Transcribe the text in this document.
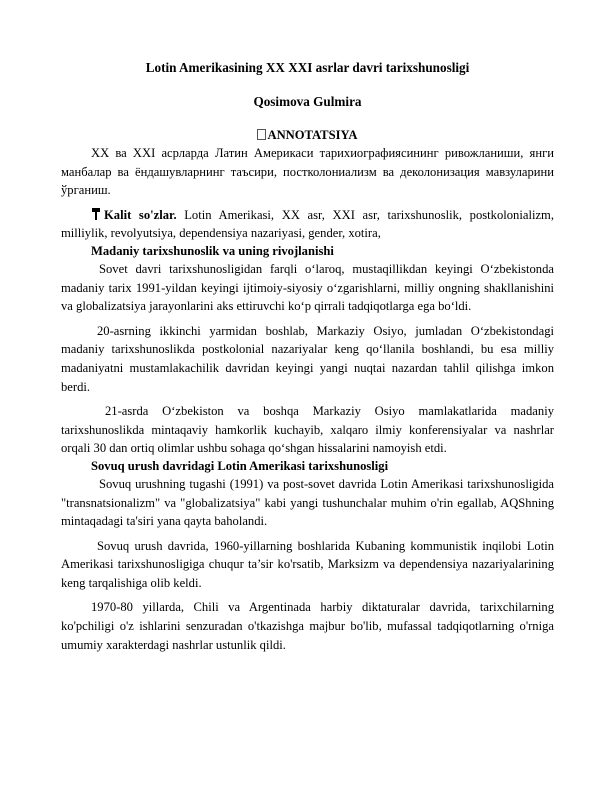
Lotin Amerikasining XX XXI asrlar davri tarixshunosligi

Qosimova Gulmira

ANNOTATSIYA

XX ва XXI асрларда Латин Америкаси тарихиографиясининг ривожланиши, янги манбалар ва ёндашувларнинг таъсири, постколониализм ва деколонизация мавзуларини ўрганиш.

Kalit so'zlar. Lotin Amerikasi, XX asr, XXI asr, tarixshunoslik, postkolonializm, milliylik, revolyutsiya, dependensiya nazariyasi, gender, xotira,

Madaniy tarixshunoslik va uning rivojlanishi

Sovet davri tarixshunosligidan farqli o‘laroq, mustaqillikdan keyingi O‘zbekistonda madaniy tarix 1991-yildan keyingi ijtimoiy-siyosiy o‘zgarishlarni, milliy ongning shakllanishini va globalizatsiya jarayonlarini aks ettiruvchi ko‘p qirrali tadqiqotlarga ega bo‘ldi.

20-asrning ikkinchi yarmidan boshlab, Markaziy Osiyo, jumladan O‘zbekistondagi madaniy tarixshunoslikda postkolonial nazariyalar keng qo‘llanila boshlandi, bu esa milliy madaniyatni mustamlakachilik davridan keyingi yangi nuqtai nazardan tahlil qilishga imkon berdi.

21-asrda O‘zbekiston va boshqa Markaziy Osiyo mamlakatlarida madaniy tarixshunoslikda mintaqaviy hamkorlik kuchayib, xalqaro ilmiy konferensiyalar va nashrlar orqali 30 dan ortiq olimlar ushbu sohaga qo‘shgan hissalarini namoyish etdi.

Sovuq urush davridagi Lotin Amerikasi tarixshunosligi

Sovuq urushning tugashi (1991) va post-sovet davrida Lotin Amerikasi tarixshunosligida "transnatsionalizm" va "globalizatsiya" kabi yangi tushunchalar muhim o'rin egallab, AQShning mintaqadagi ta'siri yana qayta baholandi.

Sovuq urush davrida, 1960-yillarning boshlarida Kubaning kommunistik inqilobi Lotin Amerikasi tarixshunosligiga chuqur ta’sir ko'rsatib, Marksizm va dependensiya nazariyalarining keng tarqalishiga olib keldi.

1970-80 yillarda, Chili va Argentinada harbiy diktaturalar davrida, tarixchilarning ko'pchiligi o'z ishlarini senzuradan o'tkazishga majbur bo'lib, mufassal tadqiqotlarning o'rniga umumiy xarakterdagi nashrlar ustunlik qildi.
